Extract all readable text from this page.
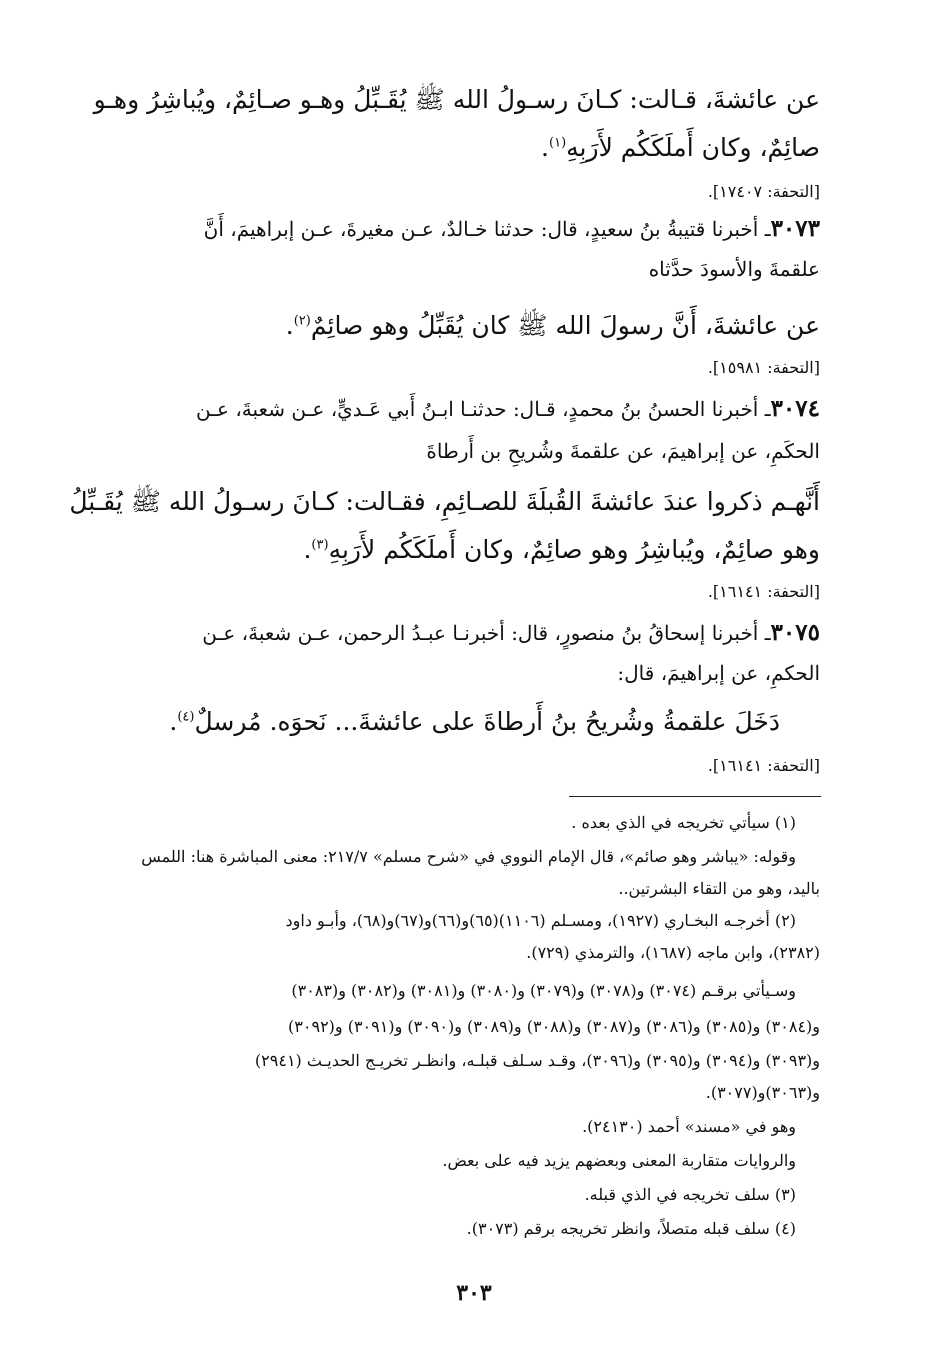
عن عائشةَ، قـالت: كـانَ رسـولُ الله ﷺ يُقَـبِّلُ وهـو صـائِمٌ، ويُباشِرُ وهـو
صائِمٌ، وكان أَملَكَكُم لأَرَبِهِ$^{(١)}$.
[التحفة: ١٧٤٠٧].
٣٠٧٣ـ أخبرنا قتيبةُ بنُ سعيدٍ، قال: حدثنا خـالدٌ، عـن مغيرةَ، عـن إبراهيمَ، أَنَّ
علقمةَ والأسودَ حدَّثاه
عن عائشةَ، أَنَّ رسولَ الله ﷺ كان يُقَبِّلُ وهو صائِمٌ$^{(٢)}$.
[التحفة: ١٥٩٨١].
٣٠٧٤ـ أخبرنا الحسنُ بنُ محمدٍ، قـال: حدثنـا ابـنُ أَبي عَـديٍّ، عـن شعبةَ، عـن
الحكَمِ، عن إبراهيمَ، عن علقمةَ وشُريحِ بن أَرطاةَ
أَنَّهـم ذكروا عندَ عائشةَ القُبلَةَ للصـائِمِ، فقـالت: كـانَ رسـولُ الله ﷺ يُقَـبِّلُ
وهو صائِمٌ، ويُباشِرُ وهو صائِمٌ، وكان أَملَكَكُم لأَرَبِهِ$^{(٣)}$.
[التحفة: ١٦١٤١].
٣٠٧٥ـ أخبرنا إسحاقُ بنُ منصورٍ، قال: أخبرنـا عبـدُ الرحمن، عـن شعبةَ، عـن
الحكمِ، عن إبراهيمَ، قال:
دَخَلَ علقمةُ وشُريحُ بنُ أَرطاةَ على عائشةَ... نَحوَه. مُرسلٌ$^{(٤)}$.
[التحفة: ١٦١٤١].
(١) سيأتي تخريجه في الذي بعده .
وقوله: «يباشر وهو صائم»، قال الإمام النووي في «شرح مسلم» ٢١٧/٧: معنى المباشرة هنا: اللمس
باليد، وهو من التقاء البشرتين..
(٢) أخرجـه البخـاري (١٩٢٧)، ومسـلم (١١٠٦)(٦٥)و(٦٦)و(٦٧)و(٦٨)، وأبـو داود
(٢٣٨٢)، وابن ماجه (١٦٨٧)، والترمذي (٧٢٩).
وسـيأتي برقـم (٣٠٧٤) و(٣٠٧٨) و(٣٠٧٩) و(٣٠٨٠) و(٣٠٨١) و(٣٠٨٢) و(٣٠٨٣)
و(٣٠٨٤) و(٣٠٨٥) و(٣٠٨٦) و(٣٠٨٧) و(٣٠٨٨) و(٣٠٨٩) و(٣٠٩٠) و(٣٠٩١) و(٣٠٩٢)
و(٣٠٩٣) و(٣٠٩٤) و(٣٠٩٥) و(٣٠٩٦)، وقـد سـلف قبلـه، وانظـر تخريـج الحديـث (٢٩٤١)
و(٣٠٦٣)و(٣٠٧٧).
وهو في «مسند» أحمد (٢٤١٣٠).
والروايات متقاربة المعنى وبعضهم يزيد فيه على بعض.
(٣) سلف تخريجه في الذي قبله.
(٤) سلف قبله متصلاً، وانظر تخريجه برقم (٣٠٧٣).
٣٠٣
